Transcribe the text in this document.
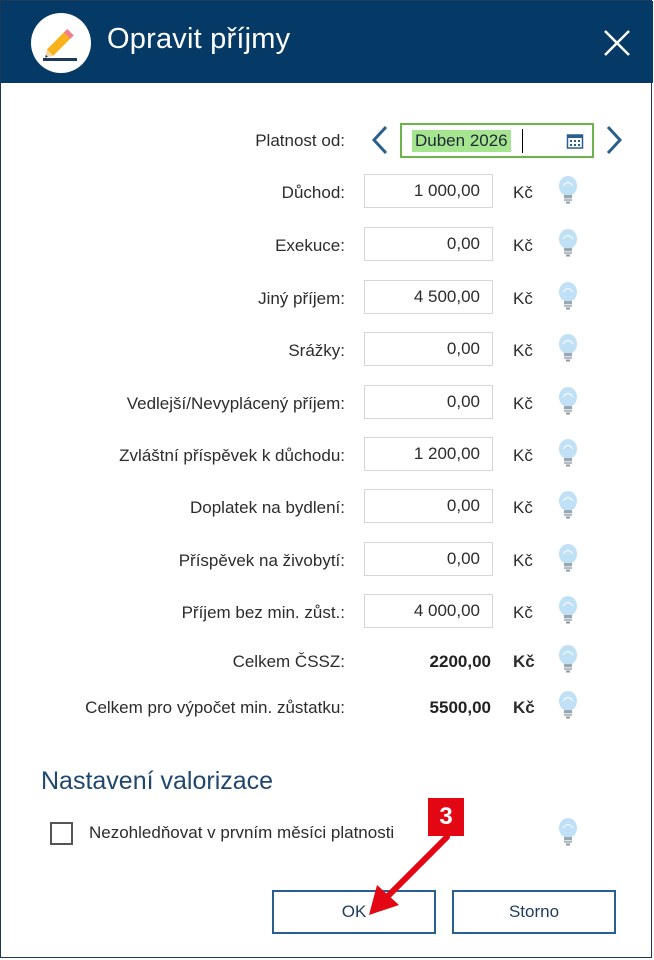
Opravit příjmy
Platnost od:	Duben 2026
Důchod:	1 000,00	Kč
Exekuce:	0,00	Kč
Jiný příjem:	4 500,00	Kč
Srážky:	0,00	Kč
Vedlejší/Nevyplácený příjem:	0,00	Kč
Zvláštní příspěvek k důchodu:	1 200,00	Kč
Doplatek na bydlení:	0,00	Kč
Příspěvek na živobytí:	0,00	Kč
Příjem bez min. zůst.:	4 000,00	Kč
Celkem ČSSZ:	2200,00 Kč
Celkem pro výpočet min. zůstatku:	5500,00 Kč
Nastavení valorizace
Nezohledňovat v prvním měsíci platnosti
OK	Storno
3
